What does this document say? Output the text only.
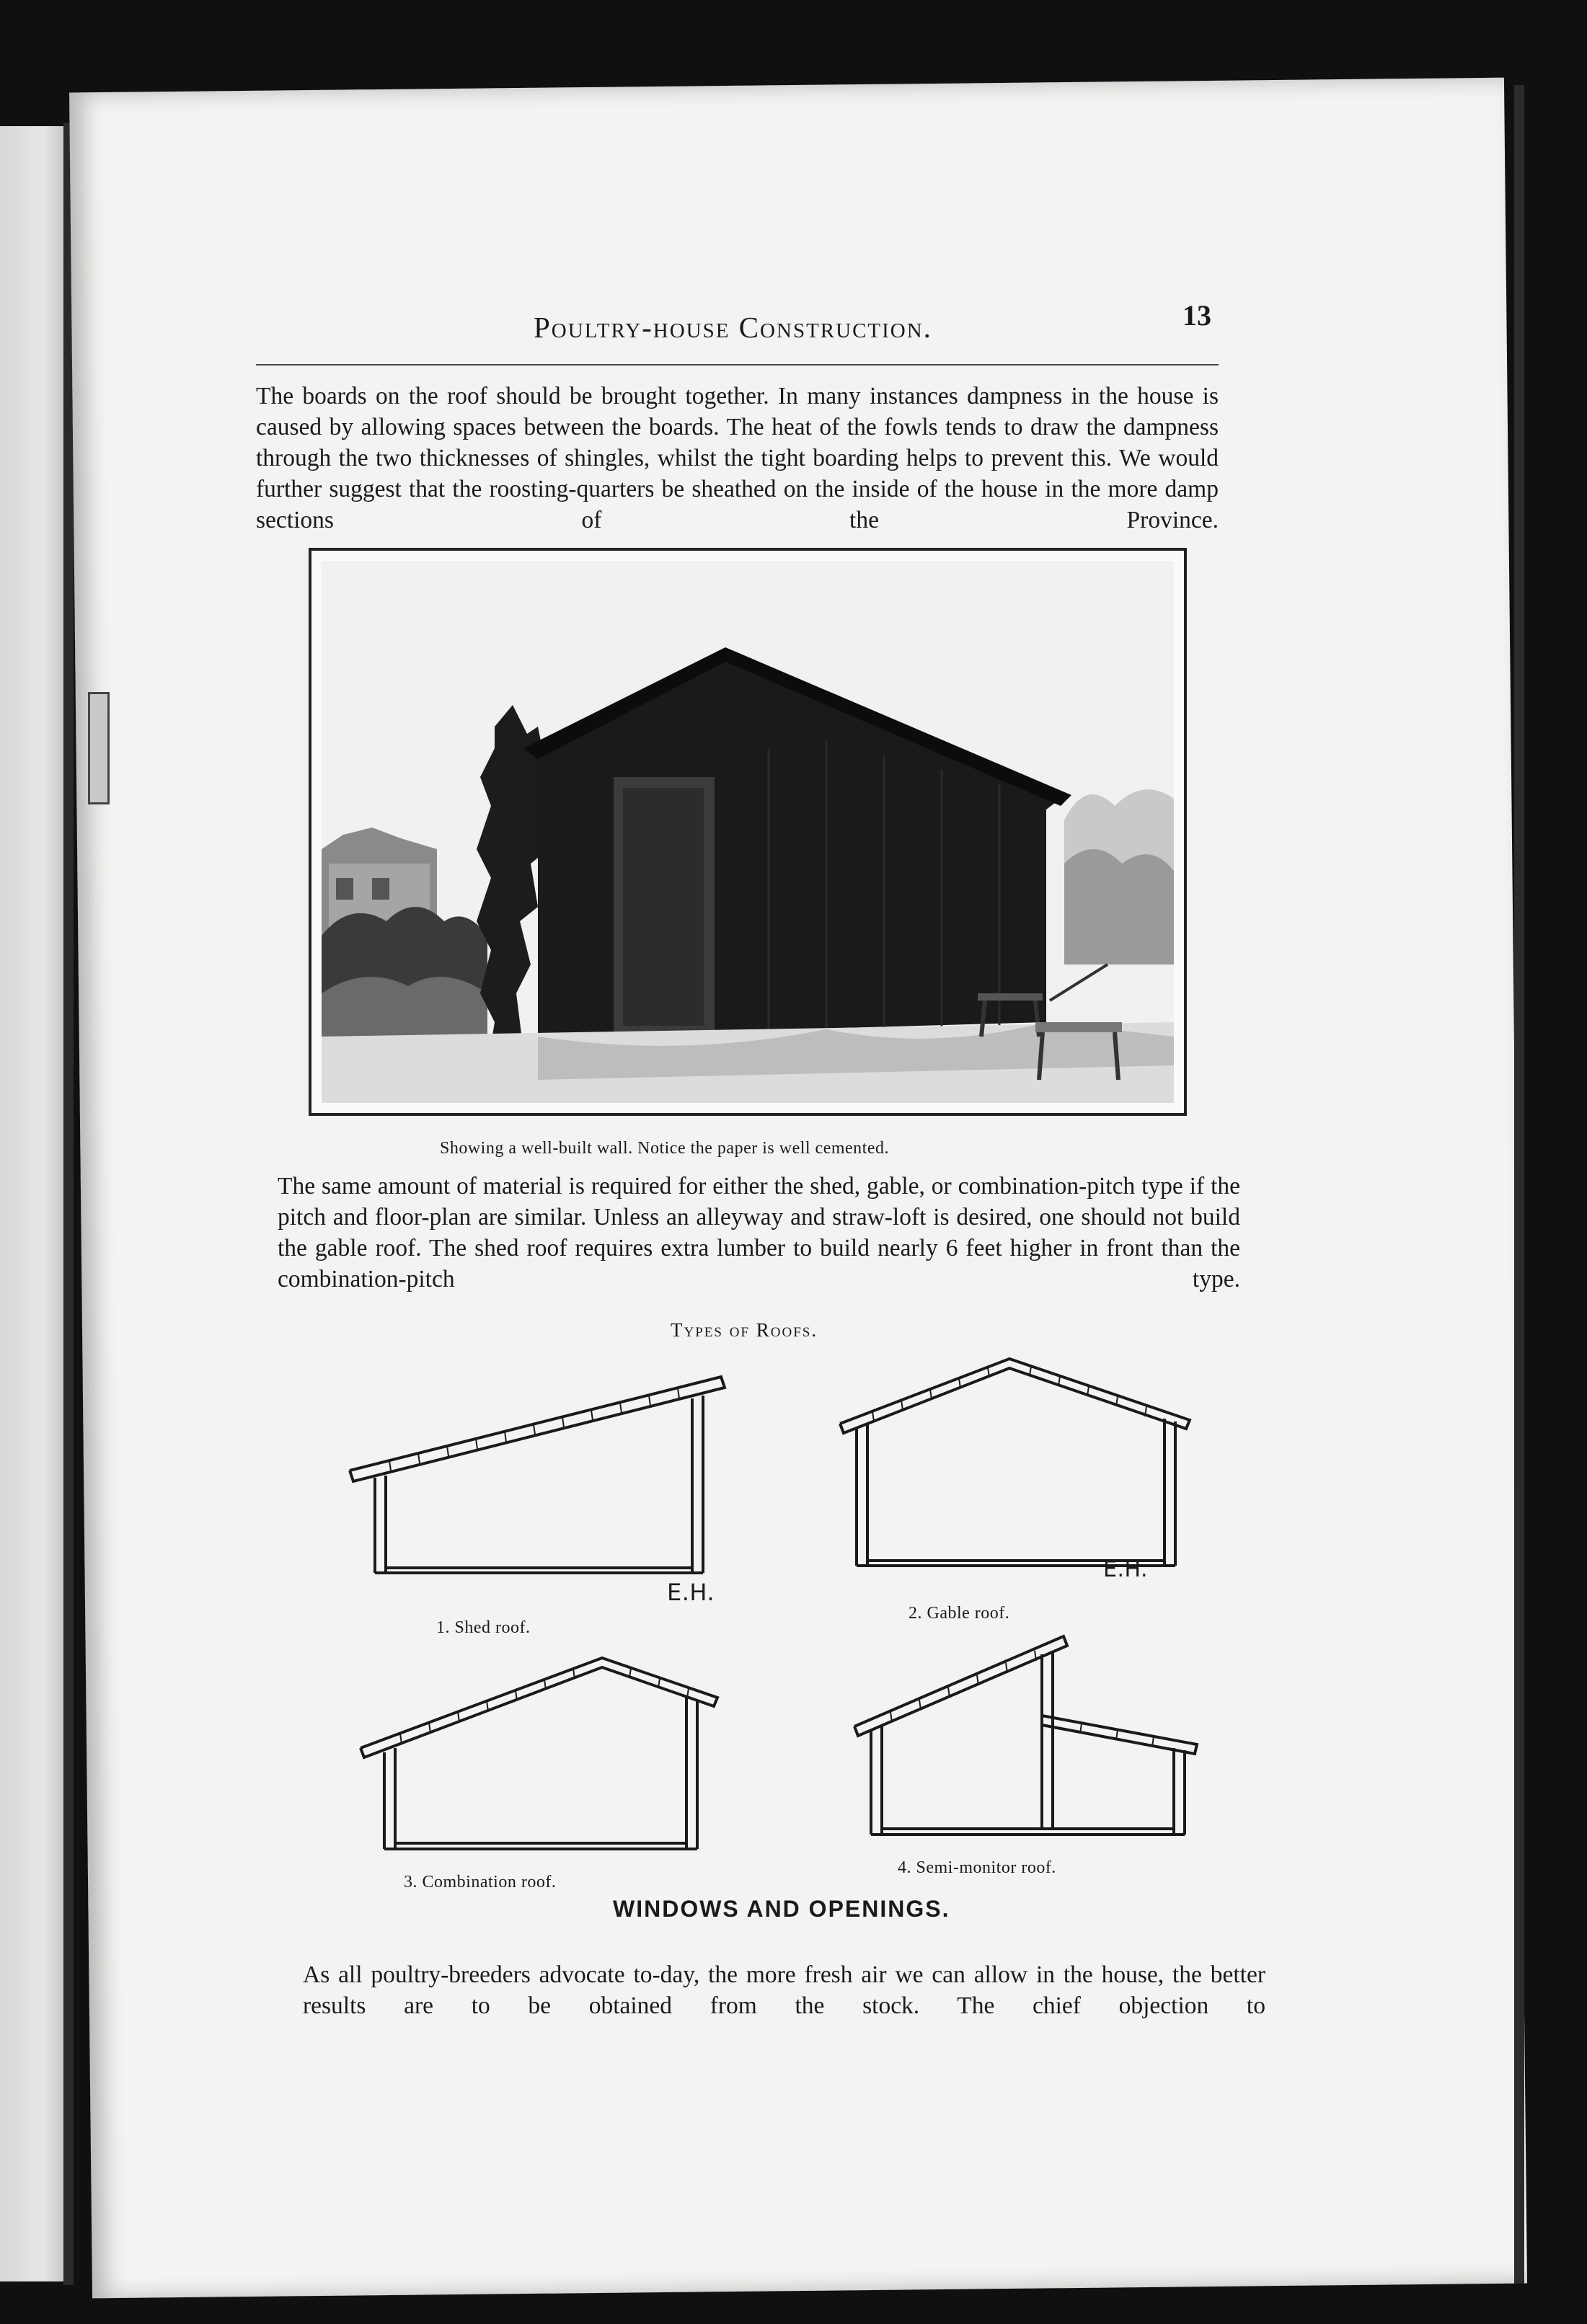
Poultry-house Construction.	13

The boards on the roof should be brought together. In many instances dampness in the house is caused by allowing spaces between the boards. The heat of the fowls tends to draw the dampness through the two thicknesses of shingles, whilst the tight boarding helps to prevent this. We would further suggest that the roosting-quarters be sheathed on the inside of the house in the more damp sections of the Province.

Showing a well-built wall. Notice the paper is well cemented.

The same amount of material is required for either the shed, gable, or combination-pitch type if the pitch and floor-plan are similar. Unless an alleyway and straw-loft is desired, one should not build the gable roof. The shed roof requires extra lumber to build nearly 6 feet higher in front than the combination-pitch type.

Types of Roofs.
1. Shed roof.
E.H.
2. Gable roof.
E.H.
3. Combination roof.
4. Semi-monitor roof.
WINDOWS AND OPENINGS.

As all poultry-breeders advocate to-day, the more fresh air we can allow in the house, the better results are to be obtained from the stock. The chief objection to
